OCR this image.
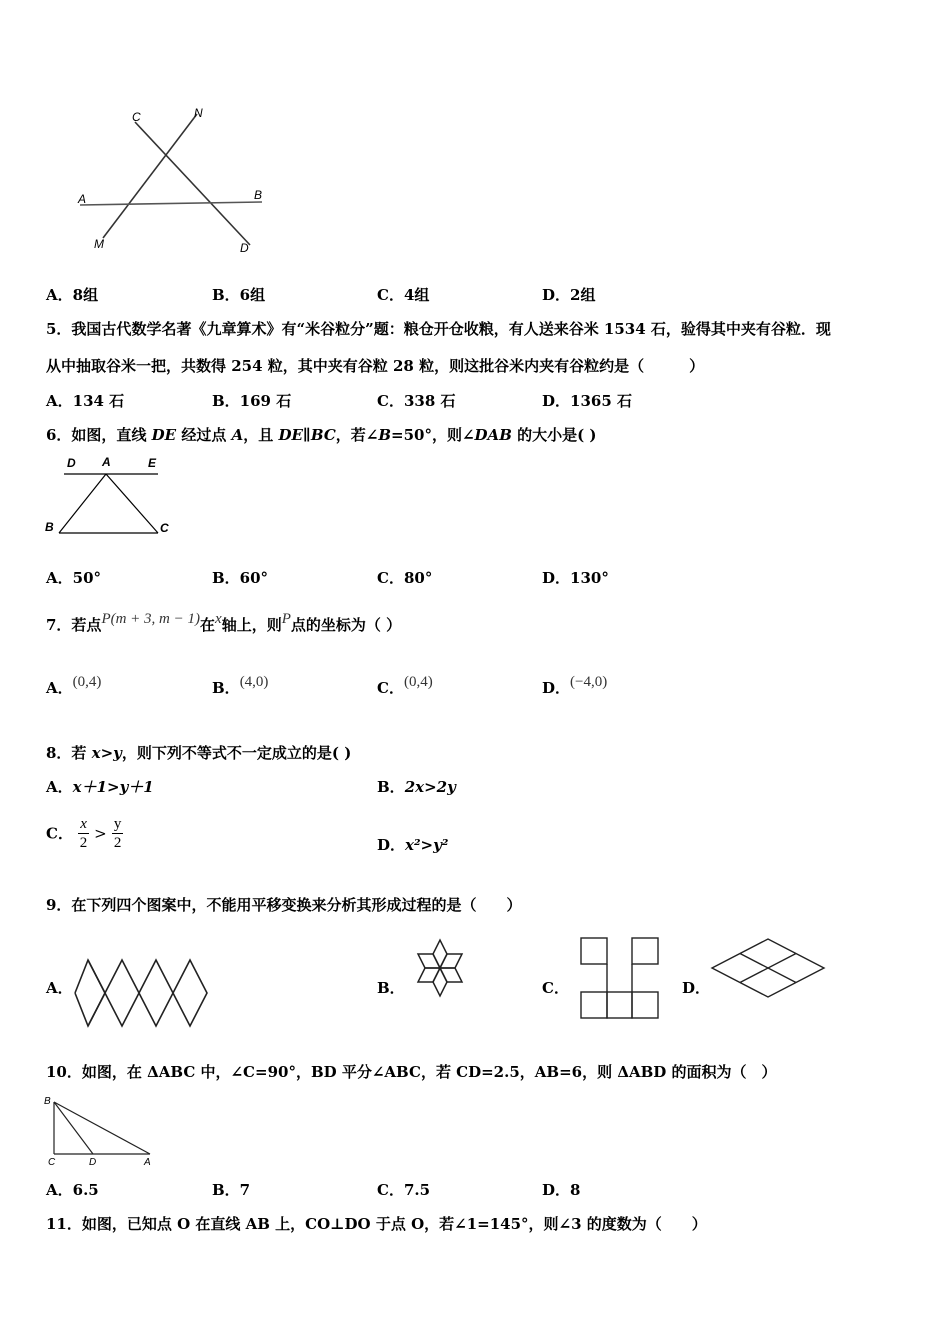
C	N
A	B
M	D
A．8组	B．6组	C．4组	D．2组
5．我国古代数学名著《九章算术》有“米谷粒分”题：粮仓开仓收粮，有人送来谷米 1534 石，验得其中夹有谷粒．现
从中抽取谷米一把，共数得 254 粒，其中夹有谷粒 28 粒，则这批谷米内夹有谷粒约是（　　　）
A．134 石	B．169 石	C．338 石	D．1365 石
6．如图，直线 DE 经过点 A，且 DE∥BC，若∠B=50°，则∠DAB 的大小是( )
D A	E
B	C
A．50°	B．60°	C．80°	D．130°
7．若点P(m + 3, m − 1)在x轴上，则P点的坐标为（ ）
A．(0,4)	B．(4,0)	C．(0,4)	D．(−4,0)
8．若 x>y，则下列不等式不一定成立的是( )
A．x＋1>y＋1	B．2x>2y
C． $\frac{x}{2} > \frac{y}{2}$	D．x²>y²
9．在下列四个图案中，不能用平移变换来分析其形成过程的是（　　）
A．	B．	C．	D．
10．如图，在 ΔABC 中，∠C=90°，BD 平分∠ABC，若 CD=2.5，AB=6，则 ΔABD 的面积为（　）
B
C	D	A
A．6.5	B．7	C．7.5	D．8
11．如图，已知点 O 在直线 AB 上，CO⊥DO 于点 O，若∠1=145°，则∠3 的度数为（　　）
